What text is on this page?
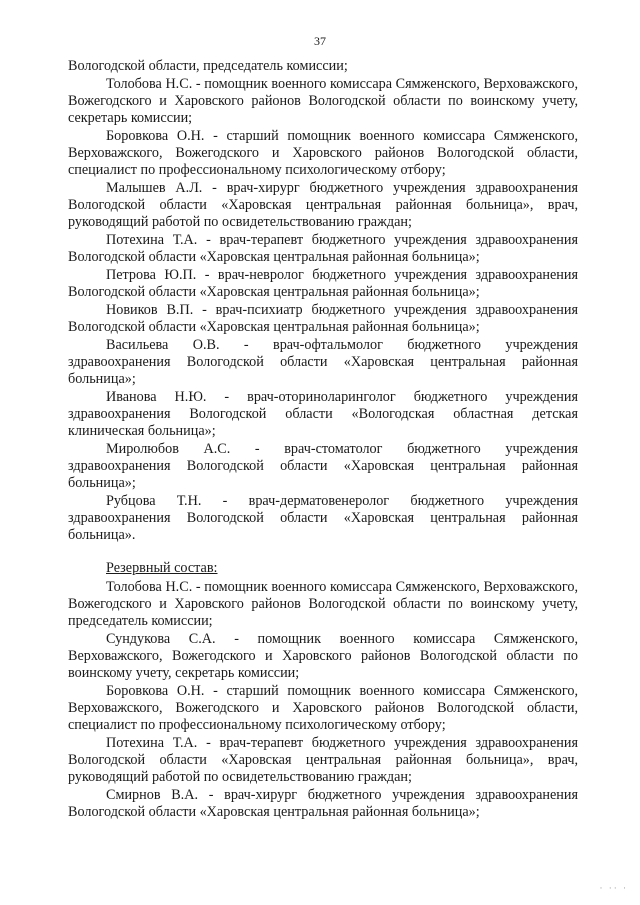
37

Вологодской области, председатель комиссии;

Толобова Н.С. - помощник военного комиссара Сямженского, Верховажского, Вожегодского и Харовского районов Вологодской области по воинскому учету, секретарь комиссии;

Боровкова О.Н. - старший помощник военного комиссара Сямженского, Верховажского, Вожегодского и Харовского районов Вологодской области, специалист по профессиональному психологическому отбору;

Малышев А.Л. - врач-хирург бюджетного учреждения здравоохранения Вологодской области «Харовская центральная районная больница», врач, руководящий работой по освидетельствованию граждан;

Потехина Т.А. - врач-терапевт бюджетного учреждения здравоохранения Вологодской области «Харовская центральная районная больница»;

Петрова Ю.П. - врач-невролог бюджетного учреждения здравоохранения Вологодской области «Харовская центральная районная больница»;

Новиков В.П. - врач-психиатр бюджетного учреждения здравоохранения Вологодской области «Харовская центральная районная больница»;

Васильева О.В. - врач-офтальмолог бюджетного учреждения здравоохранения Вологодской области «Харовская центральная районная больница»;

Иванова Н.Ю. - врач-оториноларинголог бюджетного учреждения здравоохранения Вологодской области «Вологодская областная детская клиническая больница»;

Миролюбов А.С. - врач-стоматолог бюджетного учреждения здравоохранения Вологодской области «Харовская центральная районная больница»;

Рубцова Т.Н. - врач-дерматовенеролог бюджетного учреждения здравоохранения Вологодской области «Харовская центральная районная больница».

Резервный состав:

Толобова Н.С. - помощник военного комиссара Сямженского, Верховажского, Вожегодского и Харовского районов Вологодской области по воинскому учету, председатель комиссии;

Сундукова С.А. - помощник военного комиссара Сямженского, Верховажского, Вожегодского и Харовского районов Вологодской области по воинскому учету, секретарь комиссии;

Боровкова О.Н. - старший помощник военного комиссара Сямженского, Верховажского, Вожегодского и Харовского районов Вологодской области, специалист по профессиональному психологическому отбору;

Потехина Т.А. - врач-терапевт бюджетного учреждения здравоохранения Вологодской области «Харовская центральная районная больница», врач, руководящий работой по освидетельствованию граждан;

Смирнов В.А. - врач-хирург бюджетного учреждения здравоохранения Вологодской области «Харовская центральная районная больница»;

· ·· ·
